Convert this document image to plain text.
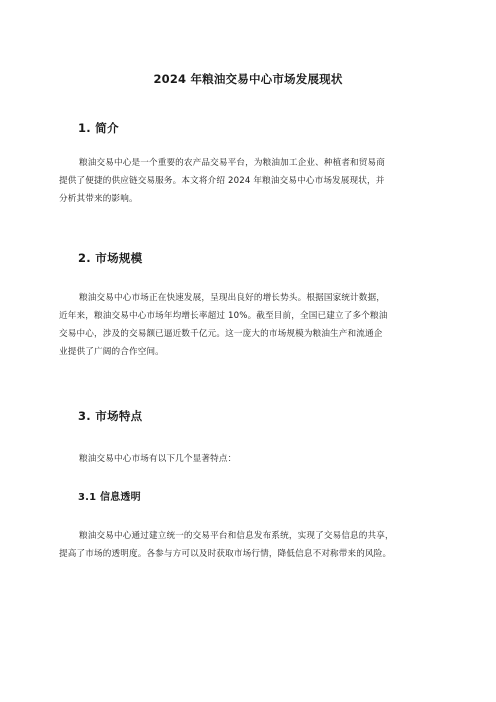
2024 年粮油交易中心市场发展现状
1. 简介
粮油交易中心是一个重要的农产品交易平台，为粮油加工企业、种植者和贸易商
提供了便捷的供应链交易服务。本文将介绍 2024 年粮油交易中心市场发展现状，并
分析其带来的影响。
2. 市场规模
粮油交易中心市场正在快速发展，呈现出良好的增长势头。根据国家统计数据，
近年来，粮油交易中心市场年均增长率超过 10%。截至目前，全国已建立了多个粮油
交易中心，涉及的交易额已逼近数千亿元。这一庞大的市场规模为粮油生产和流通企
业提供了广阔的合作空间。
3. 市场特点
粮油交易中心市场有以下几个显著特点：
3.1 信息透明
粮油交易中心通过建立统一的交易平台和信息发布系统，实现了交易信息的共享，
提高了市场的透明度。各参与方可以及时获取市场行情，降低信息不对称带来的风险。
